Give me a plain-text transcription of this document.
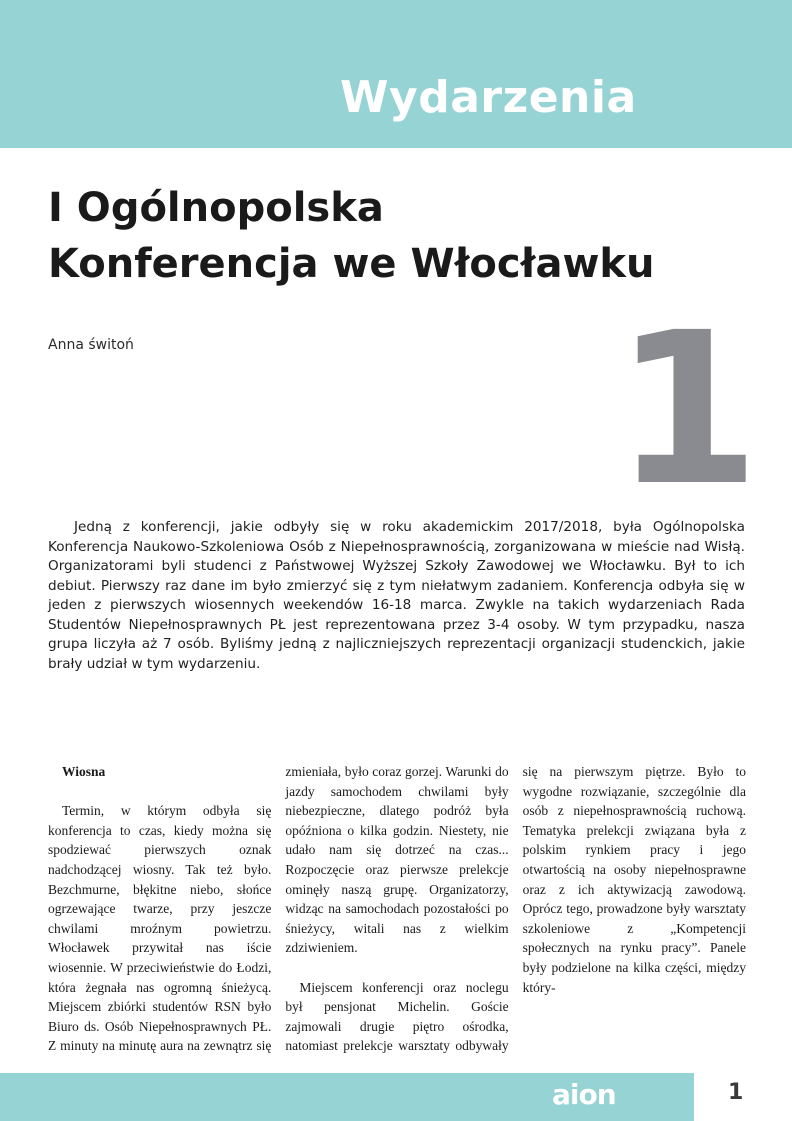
Wydarzenia
I Ogólnopolska
Konferencja we Włocławku
Anna świtoń 1

Jedną z konferencji, jakie odbyły się w roku akademickim 2017/2018, była Ogólnopolska Konferencja Naukowo-Szkoleniowa Osób z Niepełnosprawnością, zorganizowana w mieście nad Wisłą. Organizatorami byli studenci z Państwowej Wyższej Szkoły Zawodowej we Włocławku. Był to ich debiut. Pierwszy raz dane im było zmierzyć się z tym niełatwym zadaniem. Konferencja odbyła się w jeden z pierwszych wiosennych weekendów 16-18 marca. Zwykle na takich wydarzeniach Rada Studentów Niepełnosprawnych PŁ jest reprezentowana przez 3-4 osoby. W tym przypadku, nasza grupa liczyła aż 7 osób. Byliśmy jedną z najliczniejszych reprezentacji organizacji studenckich, jakie brały udział w tym wydarzeniu.

Wiosna

Termin, w którym odbyła się konferencja to czas, kiedy można się spodziewać pierwszych oznak nadchodzącej wiosny. Tak też było. Bezchmurne, błękitne niebo, słońce ogrzewające twarze, przy jeszcze chwilami mroźnym powietrzu. Włocławek przywitał nas iście wiosennie. W przeciwieństwie do Łodzi, która żegnała nas ogromną śnieżycą. Miejscem zbiórki studentów RSN było Biuro ds. Osób Niepełnosprawnych PŁ. Z minuty na minutę aura na zewnątrz się zmieniała, było coraz gorzej. Warunki do jazdy samochodem chwilami były niebezpieczne, dlatego podróż była opóźniona o kilka godzin. Niestety, nie udało nam się dotrzeć na czas... Rozpoczęcie oraz pierwsze prelekcje ominęły naszą grupę. Organizatorzy, widząc na samochodach pozostałości po śnieżycy, witali nas z wielkim zdziwieniem.

Miejscem konferencji oraz noclegu był pensjonat Michelin. Goście zajmowali drugie piętro ośrodka, natomiast prelekcje warsztaty odbywały się na pierwszym piętrze. Było to wygodne rozwiązanie, szczególnie dla osób z niepełnosprawnością ruchową. Tematyka prelekcji związana była z polskim rynkiem pracy i jego otwartością na osoby niepełnosprawne oraz z ich aktywizacją zawodową. Oprócz tego, prowadzone były warsztaty szkoleniowe z „Kompetencji społecznych na rynku pracy”. Panele były podzielone na kilka części, między który-

aion	1
